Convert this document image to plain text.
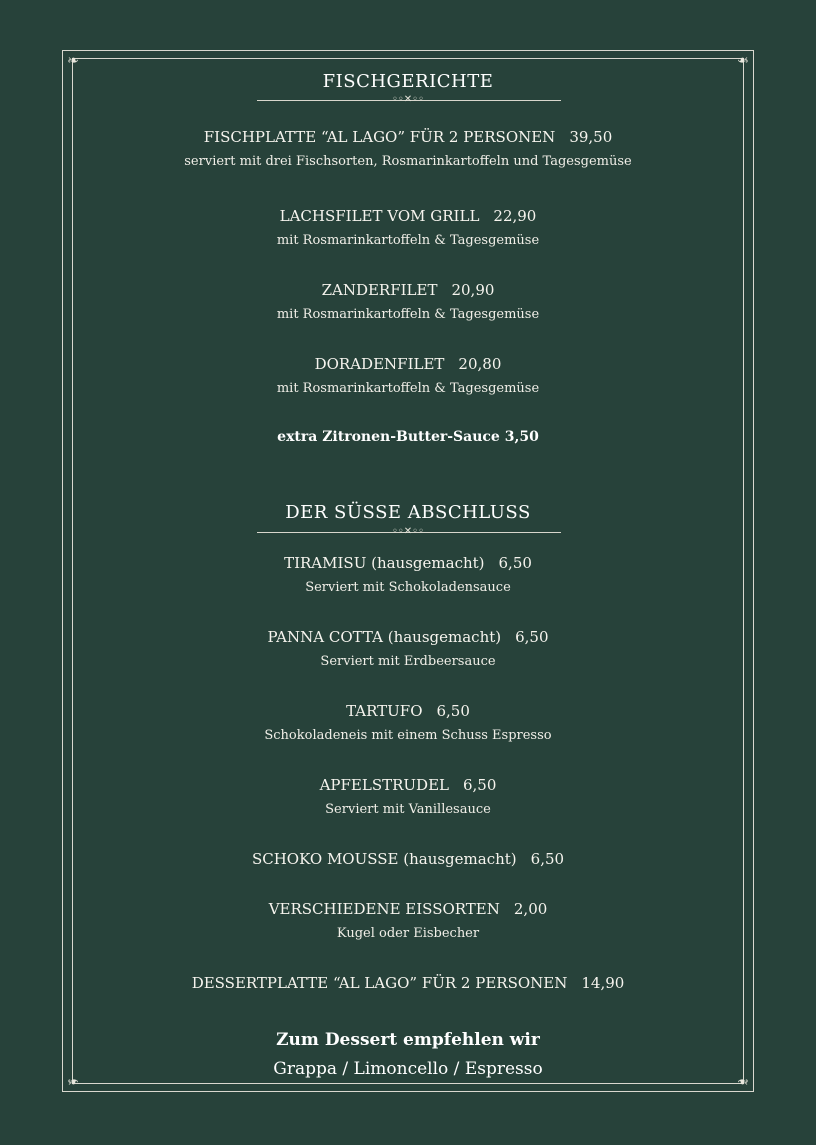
❧	❧
❧	❧
FISCHGERICHTE
◦◦✕◦◦
FISCHPLATTE “AL LAGO” FÜR 2 PERSONEN 39,50
serviert mit drei Fischsorten, Rosmarinkartoffeln und Tagesgemüse
LACHSFILET VOM GRILL 22,90
mit Rosmarinkartoffeln & Tagesgemüse
ZANDERFILET 20,90
mit Rosmarinkartoffeln & Tagesgemüse
DORADENFILET 20,80
mit Rosmarinkartoffeln & Tagesgemüse
extra Zitronen-Butter-Sauce 3,50
DER SÜSSE ABSCHLUSS
◦◦✕◦◦
TIRAMISU (hausgemacht) 6,50
Serviert mit Schokoladensauce
PANNA COTTA (hausgemacht) 6,50
Serviert mit Erdbeersauce
TARTUFO 6,50
Schokoladeneis mit einem Schuss Espresso
APFELSTRUDEL 6,50
Serviert mit Vanillesauce
SCHOKO MOUSSE (hausgemacht) 6,50
VERSCHIEDENE EISSORTEN 2,00
Kugel oder Eisbecher
DESSERTPLATTE “AL LAGO” FÜR 2 PERSONEN 14,90
Zum Dessert empfehlen wir
Grappa / Limoncello / Espresso
